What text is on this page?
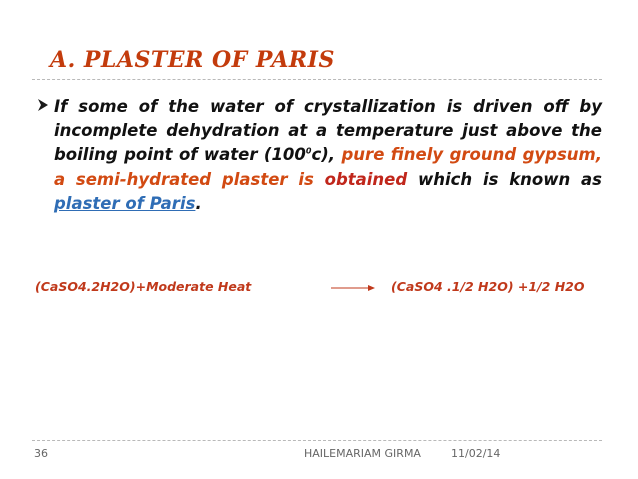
A. PLASTER OF PARIS

If some of the water of crystallization is driven off by incomplete dehydration at a temperature just above the boiling point of water $(100^0c)$, pure finely ground gypsum, a semi-hydrated plaster is obtained which is known as plaster of Paris.

(CaSO4.2H2O)+Moderate Heat	(CaSO4 .1/2 H2O) +1/2 H2O
36	HAILEMARIAM GIRMA	11/02/14
